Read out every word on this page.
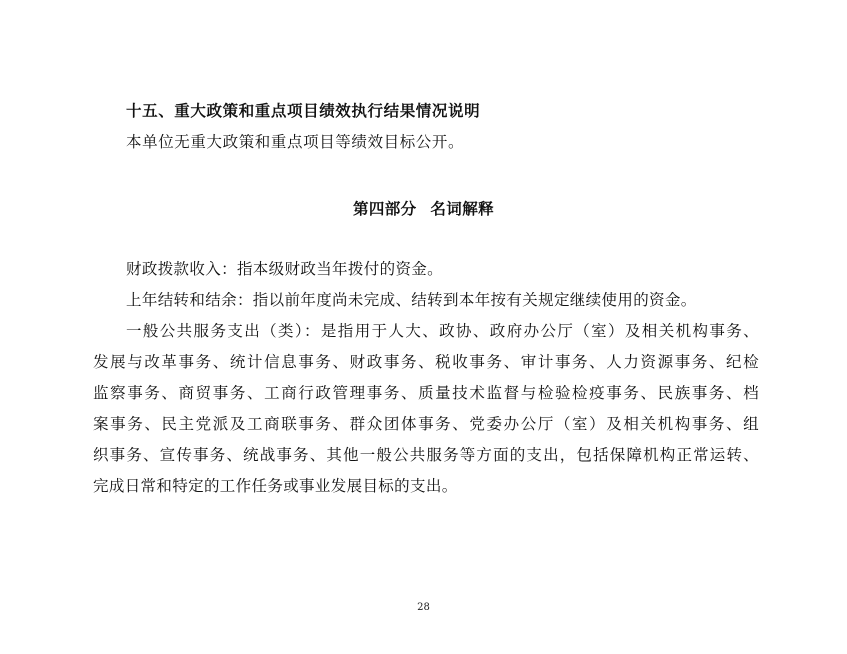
十五、重大政策和重点项目绩效执行结果情况说明
本单位无重大政策和重点项目等绩效目标公开。
第四部分 名词解释
财政拨款收入：指本级财政当年拨付的资金。
上年结转和结余：指以前年度尚未完成、结转到本年按有关规定继续使用的资金。
一般公共服务支出（类）：是指用于人大、政协、政府办公厅（室）及相关机构事务、
发展与改革事务、统计信息事务、财政事务、税收事务、审计事务、人力资源事务、纪检
监察事务、商贸事务、工商行政管理事务、质量技术监督与检验检疫事务、民族事务、档
案事务、民主党派及工商联事务、群众团体事务、党委办公厅（室）及相关机构事务、组
织事务、宣传事务、统战事务、其他一般公共服务等方面的支出，包括保障机构正常运转、
完成日常和特定的工作任务或事业发展目标的支出。
28
